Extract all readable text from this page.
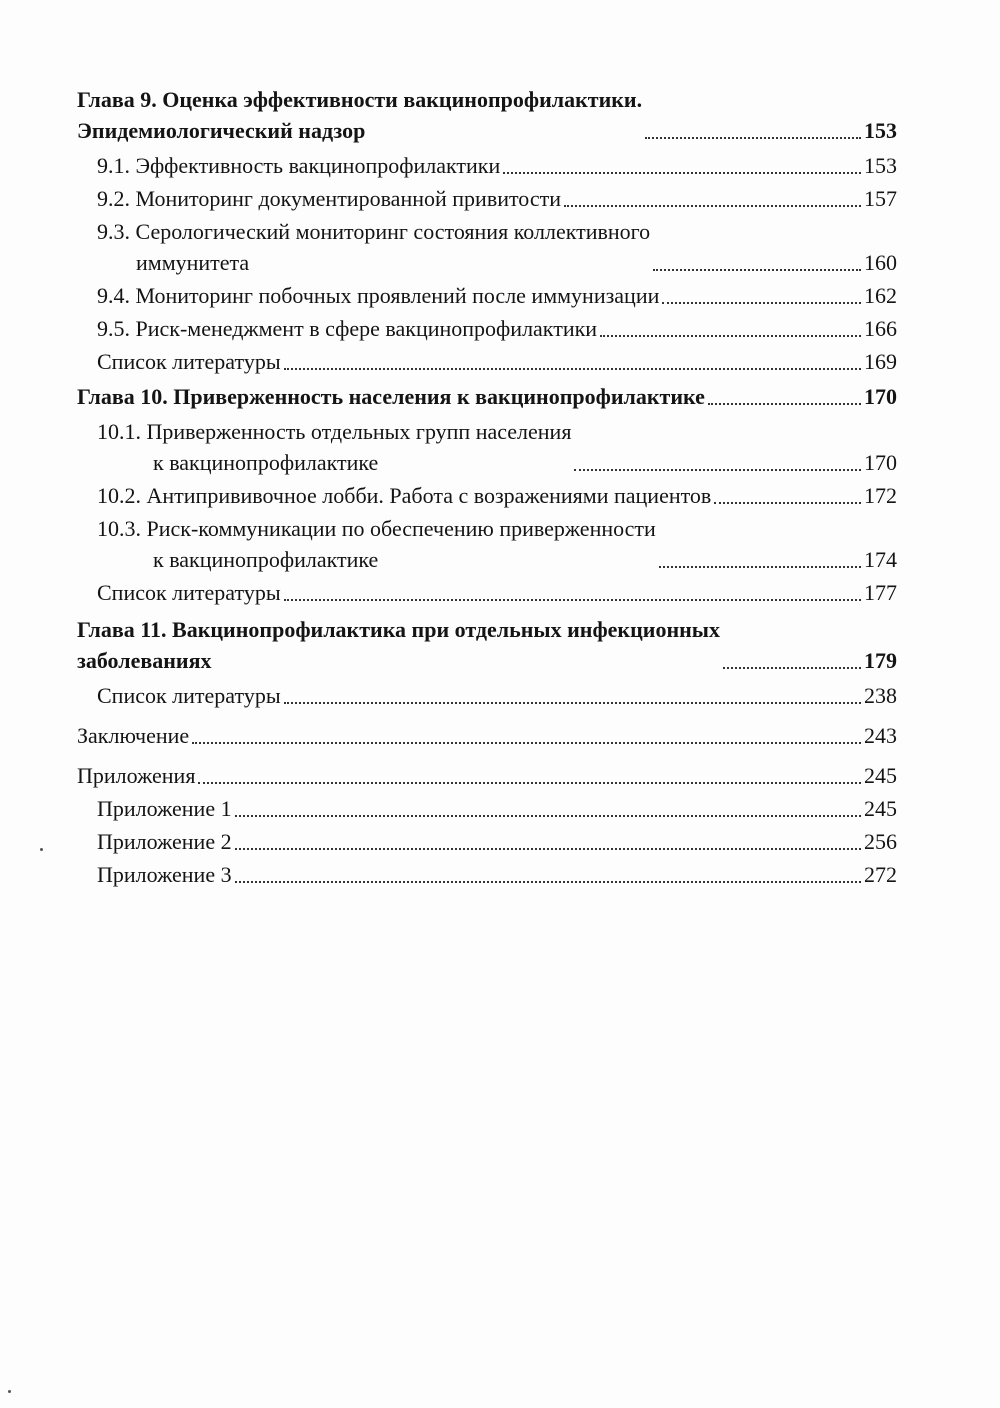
Глава 9. Оценка эффективности вакцинопрофилактики.
Эпидемиологический надзор	153
9.1. Эффективность вакцинопрофилактики	153
9.2. Мониторинг документированной привитости	157
9.3. Серологический мониторинг состояния коллективного
иммунитета	160
9.4. Мониторинг побочных проявлений после иммунизации	162
9.5. Риск-менеджмент в сфере вакцинопрофилактики	166
Список литературы	169
Глава 10. Приверженность населения к вакцинопрофилактике	170
10.1. Приверженность отдельных групп населения
к вакцинопрофилактике	170
10.2. Антипрививочное лобби. Работа с возражениями пациентов	172
10.3. Риск-коммуникации по обеспечению приверженности
к вакцинопрофилактике	174
Список литературы	177
Глава 11. Вакцинопрофилактика при отдельных инфекционных
заболеваниях	179
Список литературы	238
Заключение	243
Приложения	245
Приложение 1	245
Приложение 2	256
Приложение 3	272
